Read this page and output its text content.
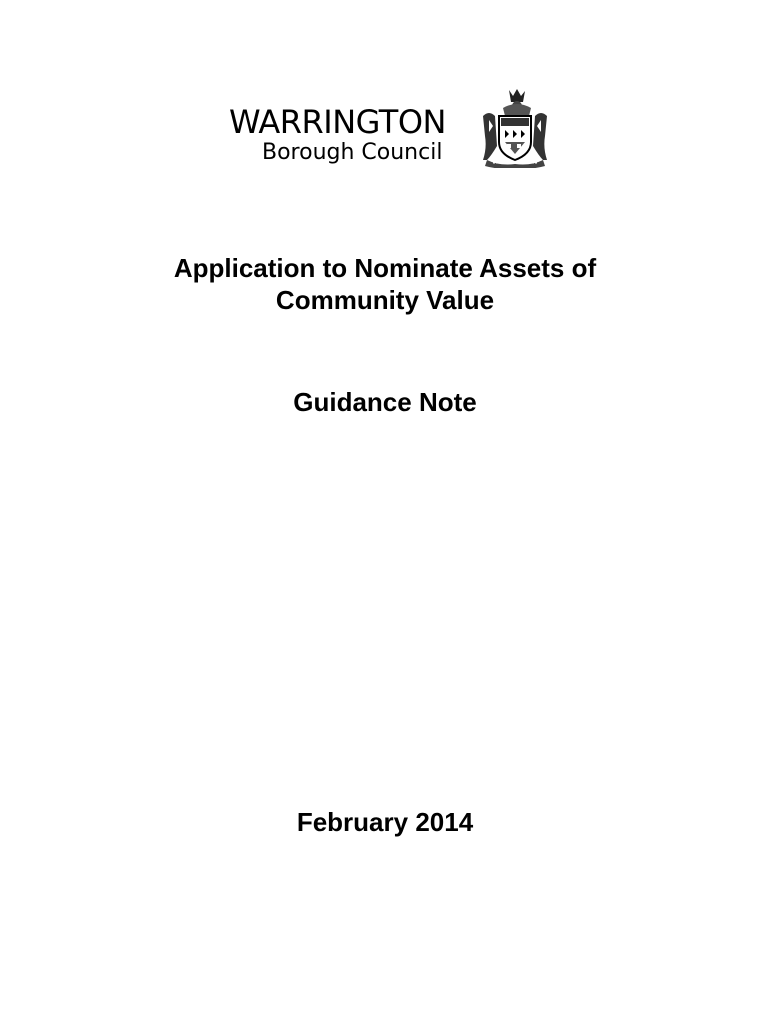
WARRINGTON
Borough Council
Application to Nominate Assets of
Community Value
Guidance Note
February 2014
